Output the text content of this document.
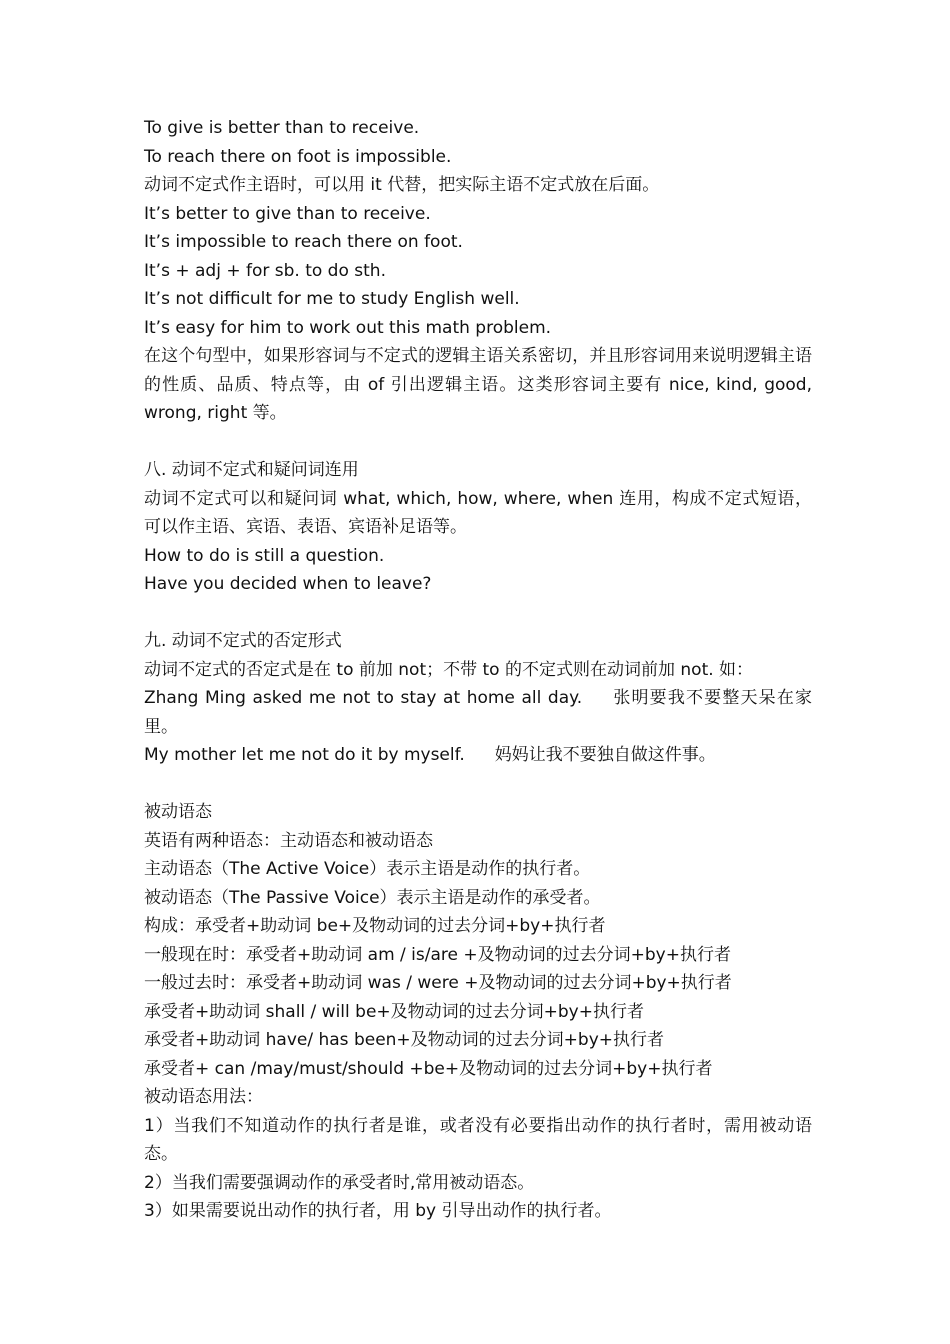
To give is better than to receive.
To reach there on foot is impossible.
动词不定式作主语时，可以用 it 代替，把实际主语不定式放在后面。
It’s better to give than to receive.
It’s impossible to reach there on foot.
It’s + adj + for sb. to do sth.
It’s not difficult for me to study English well.
It’s easy for him to work out this math problem.
在这个句型中，如果形容词与不定式的逻辑主语关系密切，并且形容词用来说明逻辑主语的性质、品质、特点等，由 of 引出逻辑主语。这类形容词主要有 nice, kind, good, wrong, right 等。
八. 动词不定式和疑问词连用
动词不定式可以和疑问词 what, which, how, where, when 连用，构成不定式短语，可以作主语、宾语、表语、宾语补足语等。
How to do is still a question.
Have you decided when to leave?
九. 动词不定式的否定形式
动词不定式的否定式是在 to 前加 not；不带 to 的不定式则在动词前加 not. 如：
Zhang Ming asked me not to stay at home all day. 张明要我不要整天呆在家里。
My mother let me not do it by myself. 妈妈让我不要独自做这件事。
被动语态
英语有两种语态：主动语态和被动语态
主动语态（The Active Voice）表示主语是动作的执行者。
被动语态（The Passive Voice）表示主语是动作的承受者。
构成：承受者+助动词 be+及物动词的过去分词+by+执行者
一般现在时：承受者+助动词 am / is/are +及物动词的过去分词+by+执行者
一般过去时：承受者+助动词 was / were +及物动词的过去分词+by+执行者
承受者+助动词 shall / will be+及物动词的过去分词+by+执行者
承受者+助动词 have/ has been+及物动词的过去分词+by+执行者
承受者+ can /may/must/should +be+及物动词的过去分词+by+执行者
被动语态用法：
1）当我们不知道动作的执行者是谁，或者没有必要指出动作的执行者时，需用被动语态。
2）当我们需要强调动作的承受者时,常用被动语态。
3）如果需要说出动作的执行者，用 by 引导出动作的执行者。
